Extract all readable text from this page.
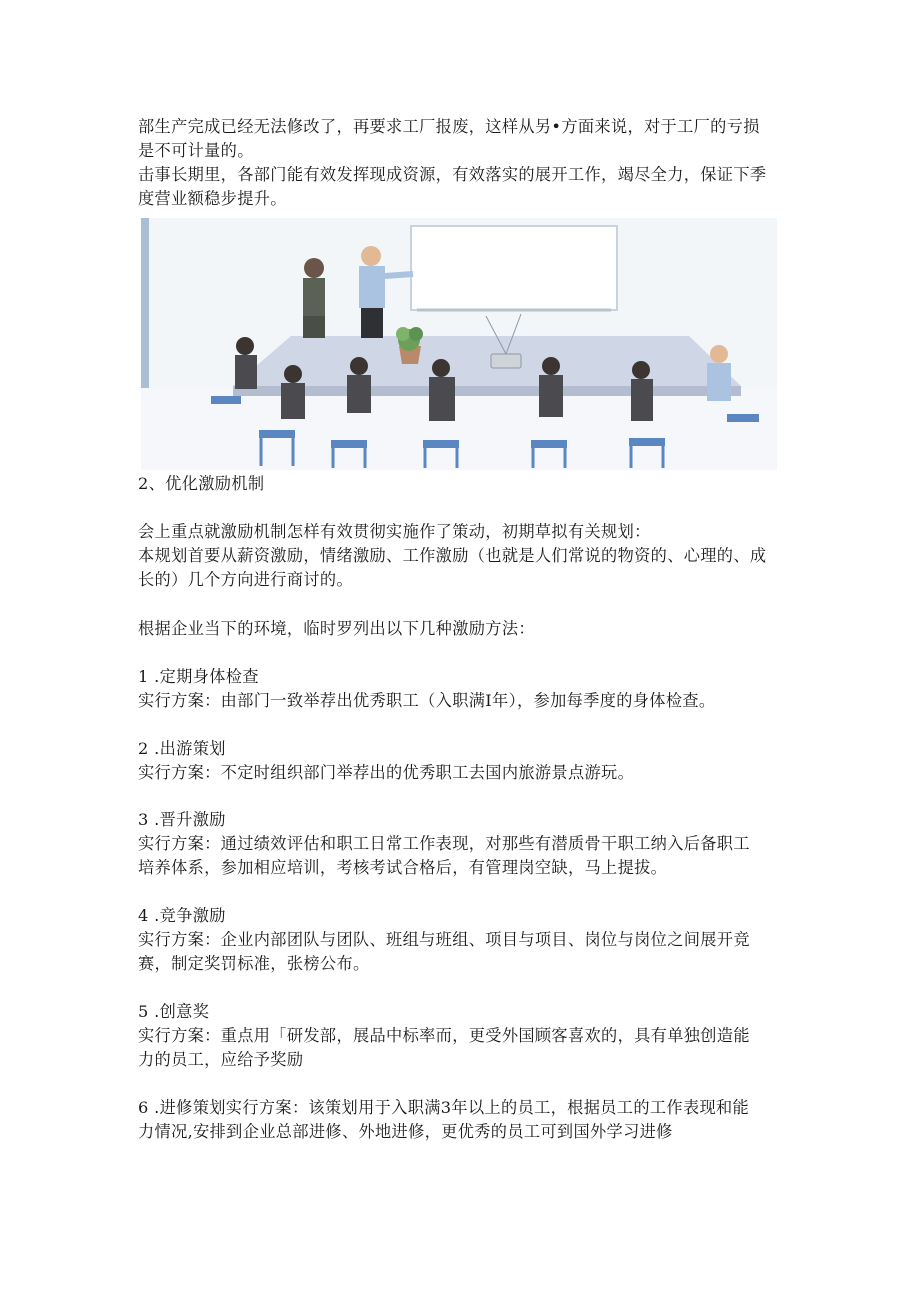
部生产完成已经无法修改了，再要求工厂报废，这样从另•方面来说，对于工厂的亏损
是不可计量的。
击事长期里，各部门能有效发挥现成资源，有效落实的展开工作，竭尽全力，保证下季
度营业额稳步提升。
2、优化激励机制
会上重点就激励机制怎样有效贯彻实施作了策动，初期草拟有关规划：
本规划首要从薪资激励，情绪激励、工作激励（也就是人们常说的物资的、心理的、成
长的）几个方向进行商讨的。
根据企业当下的环境，临时罗列出以下几种激励方法：
1 .定期身体检查
实行方案：由部门一致举荐出优秀职工（入职满I年），参加每季度的身体检查。
2 .出游策划
实行方案：不定时组织部门举荐出的优秀职工去国内旅游景点游玩。
3 .晋升激励
实行方案：通过绩效评估和职工日常工作表现，对那些有潜质骨干职工纳入后备职工
培养体系，参加相应培训，考核考试合格后，有管理岗空缺，马上提拔。
4 .竞争激励
实行方案：企业内部团队与团队、班组与班组、项目与项目、岗位与岗位之间展开竞
赛，制定奖罚标准，张榜公布。
5 .创意奖
实行方案：重点用「研发部，展品中标率而，更受外国顾客喜欢的，具有单独创造能
力的员工，应给予奖励
6 .进修策划实行方案：该策划用于入职满3年以上的员工，根据员工的工作表现和能
力情况,安排到企业总部进修、外地进修，更优秀的员工可到国外学习进修
